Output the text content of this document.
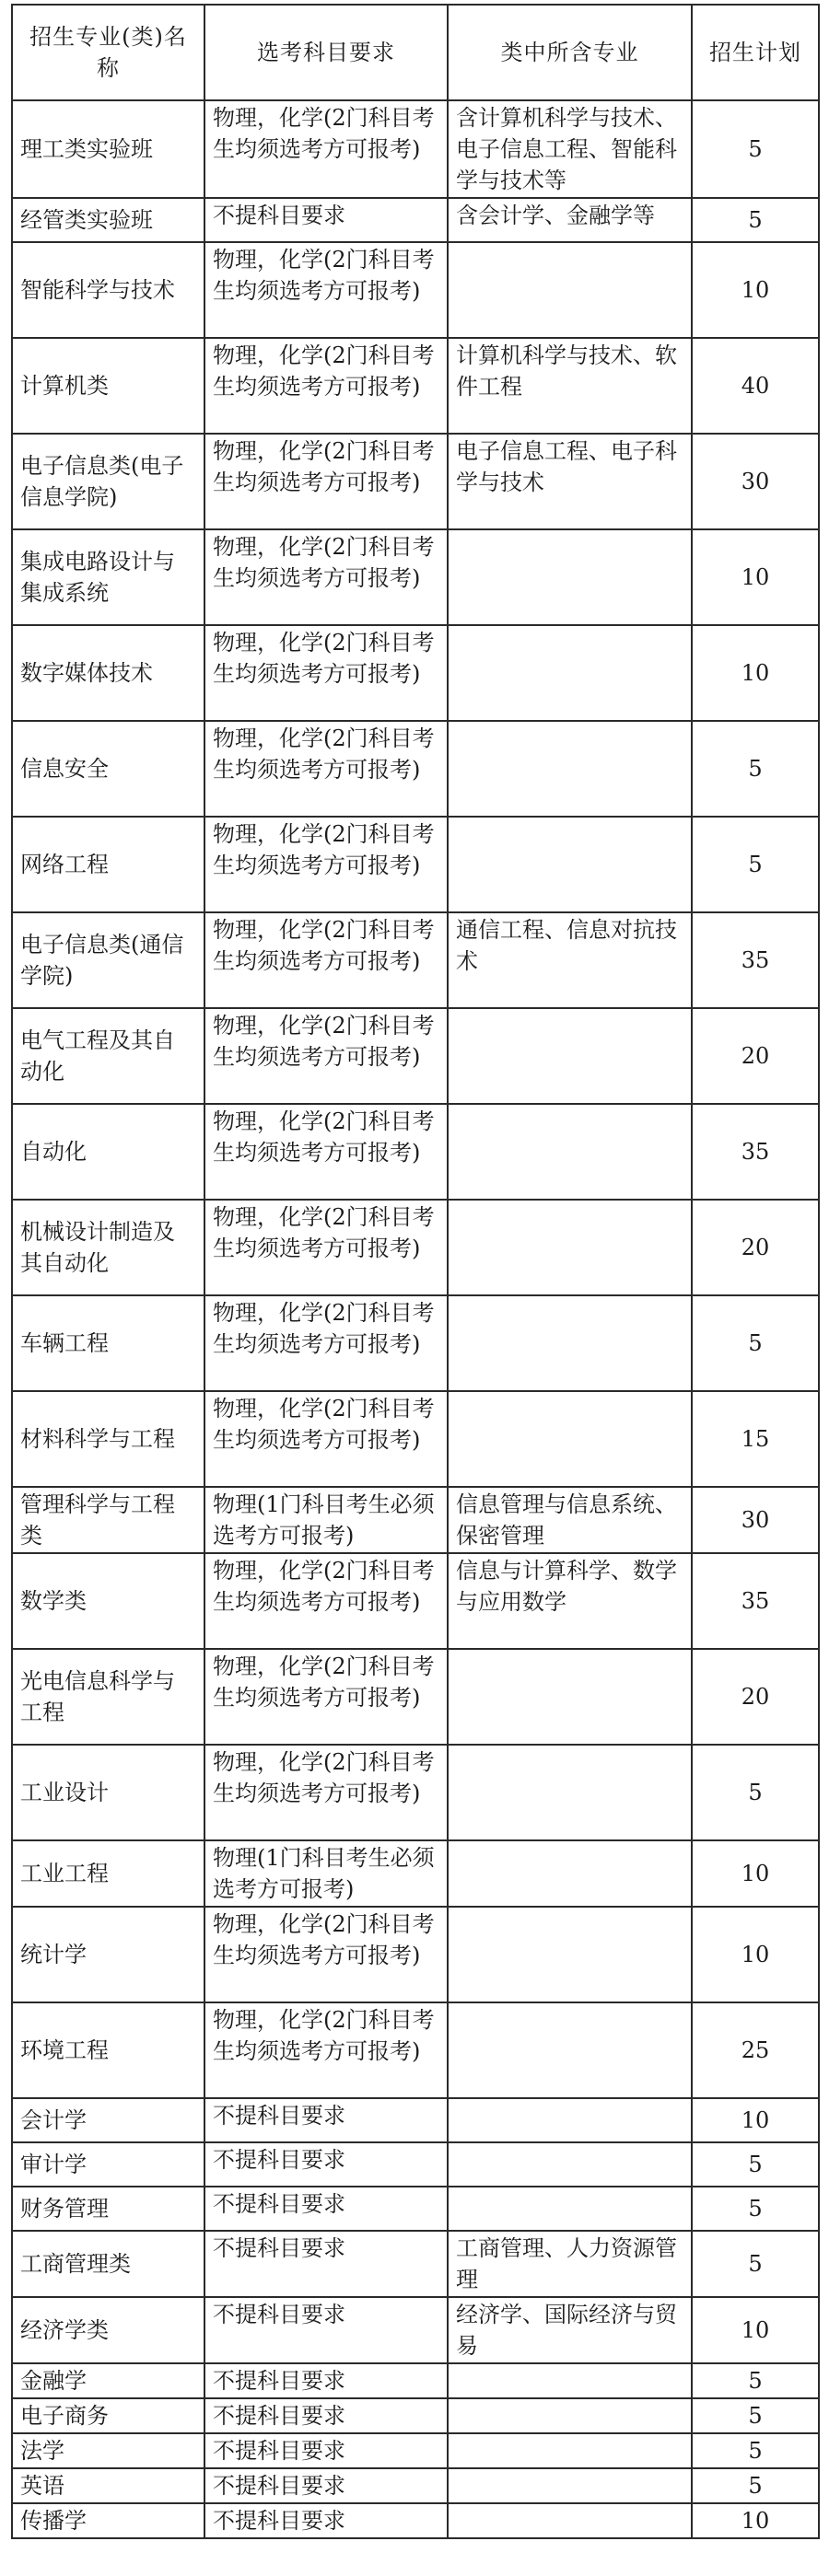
招生专业(类)名称	选考科目要求	类中所含专业	招生计划
理工类实验班	物理，化学(2门科目考生均须选考方可报考)	含计算机科学与技术、电子信息工程、智能科学与技术等	5
经管类实验班	不提科目要求	含会计学、金融学等	5
智能科学与技术	物理，化学(2门科目考生均须选考方可报考)		10
计算机类	物理，化学(2门科目考生均须选考方可报考)	计算机科学与技术、软件工程	40
电子信息类(电子信息学院)	物理，化学(2门科目考生均须选考方可报考)	电子信息工程、电子科学与技术	30
集成电路设计与集成系统	物理，化学(2门科目考生均须选考方可报考)		10
数字媒体技术	物理，化学(2门科目考生均须选考方可报考)		10
信息安全	物理，化学(2门科目考生均须选考方可报考)		5
网络工程	物理，化学(2门科目考生均须选考方可报考)		5
电子信息类(通信学院)	物理，化学(2门科目考生均须选考方可报考)	通信工程、信息对抗技术	35
电气工程及其自动化	物理，化学(2门科目考生均须选考方可报考)		20
自动化	物理，化学(2门科目考生均须选考方可报考)		35
机械设计制造及其自动化	物理，化学(2门科目考生均须选考方可报考)		20
车辆工程	物理，化学(2门科目考生均须选考方可报考)		5
材料科学与工程	物理，化学(2门科目考生均须选考方可报考)		15
管理科学与工程类	物理(1门科目考生必须选考方可报考)	信息管理与信息系统、保密管理	30
数学类	物理，化学(2门科目考生均须选考方可报考)	信息与计算科学、数学与应用数学	35
光电信息科学与工程	物理，化学(2门科目考生均须选考方可报考)		20
工业设计	物理，化学(2门科目考生均须选考方可报考)		5
工业工程	物理(1门科目考生必须选考方可报考)		10
统计学	物理，化学(2门科目考生均须选考方可报考)		10
环境工程	物理，化学(2门科目考生均须选考方可报考)		25
会计学	不提科目要求		10
审计学	不提科目要求		5
财务管理	不提科目要求		5
工商管理类	不提科目要求	工商管理、人力资源管理	5
经济学类	不提科目要求	经济学、国际经济与贸易	10
金融学	不提科目要求		5
电子商务	不提科目要求		5
法学	不提科目要求		5
英语	不提科目要求		5
传播学	不提科目要求		10
